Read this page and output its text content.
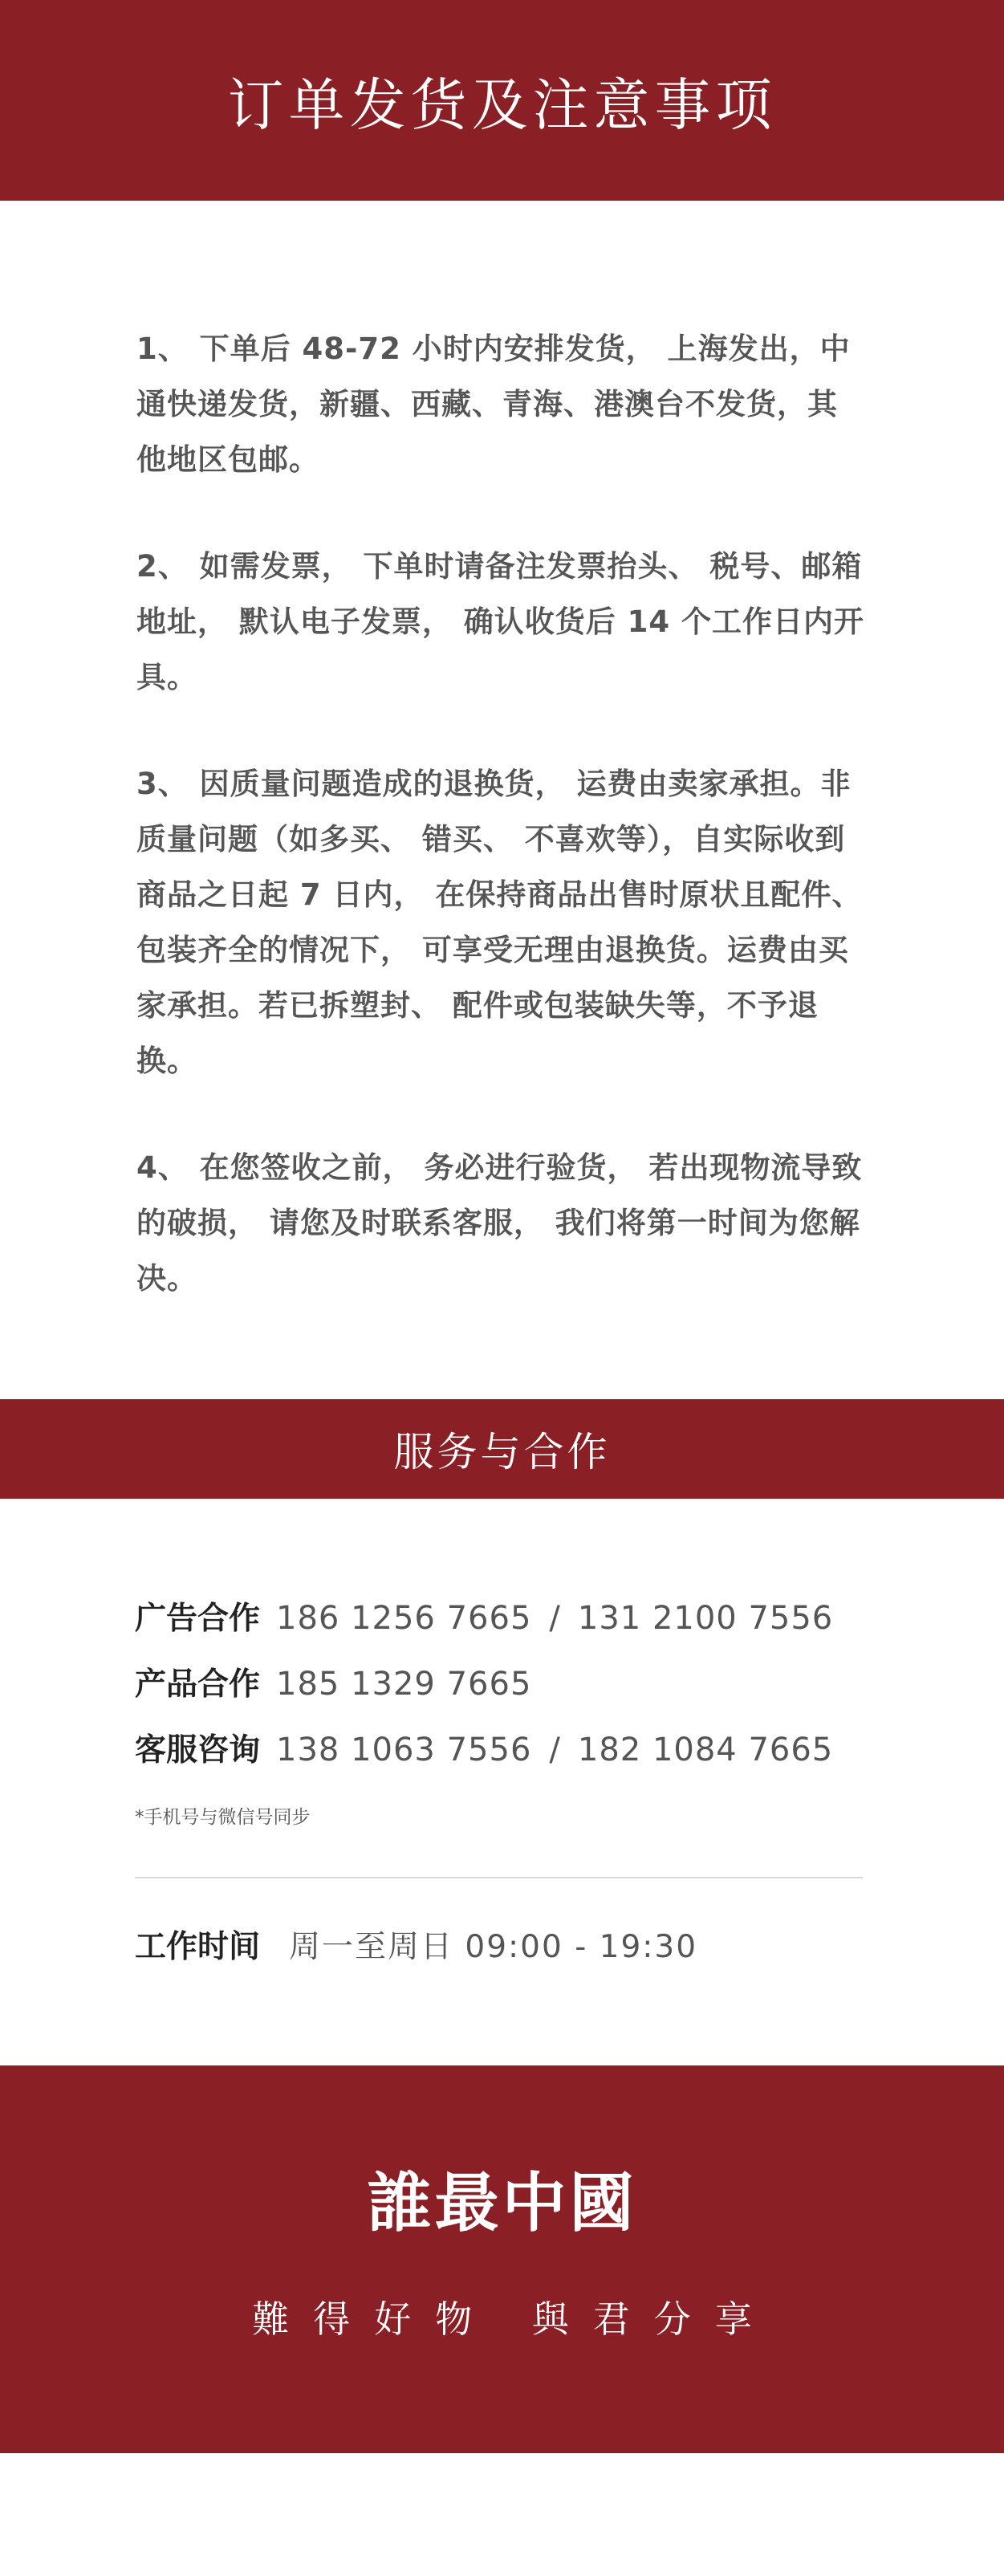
订单发货及注意事项

1、 下单后 48-72 小时内安排发货， 上海发出，中通快递发货，新疆、西藏、青海、港澳台不发货，其他地区包邮。

2、 如需发票， 下单时请备注发票抬头、 税号、邮箱地址， 默认电子发票， 确认收货后 14 个工作日内开具。

3、 因质量问题造成的退换货， 运费由卖家承担。非质量问题（如多买、 错买、 不喜欢等），自实际收到商品之日起 7 日内， 在保持商品出售时原状且配件、包装齐全的情况下， 可享受无理由退换货。运费由买家承担。若已拆塑封、 配件或包装缺失等，不予退换。

4、 在您签收之前， 务必进行验货， 若出现物流导致的破损， 请您及时联系客服， 我们将第一时间为您解决。

服务与合作
广告合作 186 1256 7665 / 131 2100 7556
产品合作 185 1329 7665
客服咨询 138 1063 7556 / 182 1084 7665
*手机号与微信号同步
工作时间 周一至周日 09:00 - 19:30
誰最中國
難得好物 與君分享
